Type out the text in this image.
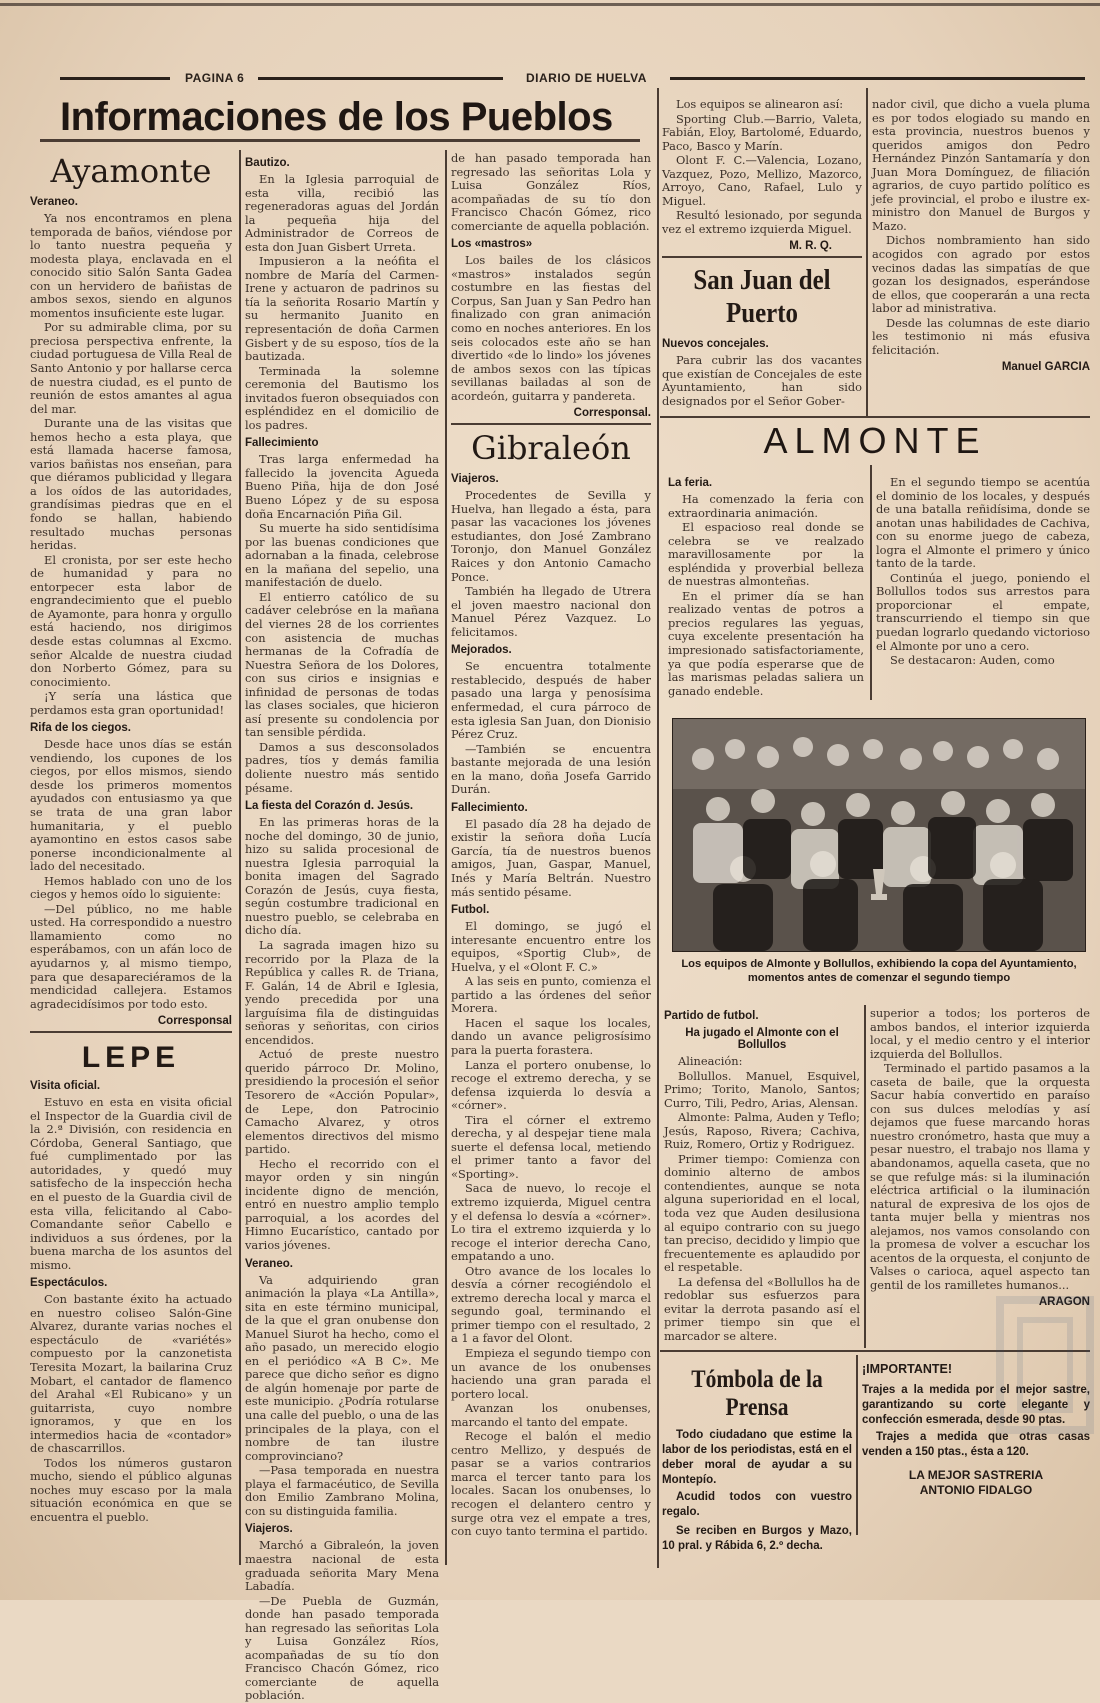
PAGINA 6	DIARIO DE HUELVA
Informaciones de los Pueblos
Ayamonte
Veraneo.

Ya nos encontramos en plena temporada de baños, viéndose por lo tanto nuestra pequeña y modesta playa, enclavada en el conocido sitio Salón Santa Gadea con un hervidero de bañistas de ambos sexos, siendo en algunos momentos insuficiente este lugar.

Por su admirable clima, por su preciosa perspectiva enfrente, la ciudad portuguesa de Villa Real de Santo Antonio y por hallarse cerca de nuestra ciudad, es el punto de reunión de estos amantes al agua del mar.

Durante una de las visitas que hemos hecho a esta playa, que está llamada hacerse famosa, varios bañistas nos enseñan, para que diéramos publicidad y llegara a los oídos de las autoridades, grandísimas piedras que en el fondo se hallan, habiendo resultado muchas personas heridas.

El cronista, por ser este hecho de humanidad y para no entorpecer esta labor de engrandecimiento que el pueblo de Ayamonte, para honra y orgullo está haciendo, nos dirigimos desde estas columnas al Excmo. señor Alcalde de nuestra ciudad don Norberto Gómez, para su conocimiento.

¡Y sería una lástica que perdamos esta gran oportunidad!

Rifa de los ciegos.

Desde hace unos días se están vendiendo, los cupones de los ciegos, por ellos mismos, siendo desde los primeros momentos ayudados con entusiasmo ya que se trata de una gran labor humanitaria, y el pueblo ayamontino en estos casos sabe ponerse incondicionalmente al lado del necesitado.

Hemos hablado con uno de los ciegos y hemos oído lo siguiente:

—Del público, no me hable usted. Ha correspondido a nuestro llamamiento como no esperábamos, con un afán loco de ayudarnos y, al mismo tiempo, para que desapareciéramos de la mendicidad callejera. Estamos agradecidísimos por todo esto.

Corresponsal
LEPE
Visita oficial.

Estuvo en esta en visita oficial el Inspector de la Guardia civil de la 2.ª División, con residencia en Córdoba, General Santiago, que fué cumplimentado por las autoridades, y quedó muy satisfecho de la inspección hecha en el puesto de la Guardia civil de esta villa, felicitando al Cabo-Comandante señor Cabello e individuos a sus órdenes, por la buena marcha de los asuntos del mismo.

Espectáculos.

Con bastante éxito ha actuado en nuestro coliseo Salón-Gine Alvarez, durante varias noches el espectáculo de «variétés» compuesto por la canzonetista Teresita Mozart, la bailarina Cruz Mobart, el cantador de flamenco del Arahal «El Rubicano» y un guitarrista, cuyo nombre ignoramos, y que en los intermedios hacia de «contador» de chascarrillos.

Todos los números gustaron mucho, siendo el público algunas noches muy escaso por la mala situación económica en que se encuentra el pueblo.

Bautizo.

En la Iglesia parroquial de esta villa, recibió las regeneradoras aguas del Jordán la pequeña hija del Administrador de Correos de esta don Juan Gisbert Urreta.

Impusieron a la neófita el nombre de María del Carmen-Irene y actuaron de padrinos su tía la señorita Rosario Martín y su hermanito Juanito en representación de doña Carmen Gisbert y de su esposo, tíos de la bautizada.

Terminada la solemne ceremonia del Bautismo los invitados fueron obsequiados con espléndidez en el domicilio de los padres.

Fallecimiento

Tras larga enfermedad ha fallecido la jovencita Agueda Bueno Piña, hija de don José Bueno López y de su esposa doña Encarnación Piña Gil.

Su muerte ha sido sentidísima por las buenas condiciones que adornaban a la finada, celebrose en la mañana del sepelio, una manifestación de duelo.

El entierro católico de su cadáver celebróse en la mañana del viernes 28 de los corrientes con asistencia de muchas hermanas de la Cofradía de Nuestra Señora de los Dolores, con sus cirios e insignias e infinidad de personas de todas las clases sociales, que hicieron así presente su condolencia por tan sensible pérdida.

Damos a sus desconsolados padres, tíos y demás familia doliente nuestro más sentido pésame.

La fiesta del Corazón d. Jesús.

En las primeras horas de la noche del domingo, 30 de junio, hizo su salida procesional de nuestra Iglesia parroquial la bonita imagen del Sagrado Corazón de Jesús, cuya fiesta, según costumbre tradicional en nuestro pueblo, se celebraba en dicho día.

La sagrada imagen hizo su recorrido por la Plaza de la República y calles R. de Triana, F. Galán, 14 de Abril e Iglesia, yendo precedida por una larguísima fila de distinguidas señoras y señoritas, con cirios encendidos.

Actuó de preste nuestro querido párroco Dr. Molino, presidiendo la procesión el señor Tesorero de «Acción Popular», de Lepe, don Patrocinio Camacho Alvarez, y otros elementos directivos del mismo partido.

Hecho el recorrido con el mayor orden y sin ningún incidente digno de mención, entró en nuestro amplio templo parroquial, a los acordes del Himno Eucarístico, cantado por varios jóvenes.

Veraneo.

Va adquiriendo gran animación la playa «La Antilla», sita en este término municipal, de la que el gran onubense don Manuel Siurot ha hecho, como el año pasado, un merecido elogio en el periódico «A B C». Me parece que dicho señor es digno de algún homenaje por parte de este municipio. ¿Podría rotularse una calle del pueblo, o una de las principales de la playa, con el nombre de tan ilustre comprovinciano?

—Pasa temporada en nuestra playa el farmacéutico, de Sevilla don Emilio Zambrano Molina, con su distinguida familia.

Viajeros.

Marchó a Gibraleón, la joven maestra nacional de esta graduada señorita Mary Mena Labadía.

—De Puebla de Guzmán, donde han pasado temporada han regresado las señoritas Lola y Luisa González Ríos, acompañadas de su tío don Francisco Chacón Gómez, rico comerciante de aquella población.

de han pasado temporada han regresado las señoritas Lola y Luisa González Ríos, acompañadas de su tío don Francisco Chacón Gómez, rico comerciante de aquella población.

Los «mastros»

Los bailes de los clásicos «mastros» instalados según costumbre en las fiestas del Corpus, San Juan y San Pedro han finalizado con gran animación como en noches anteriores. En los seis colocados este año se han divertido «de lo lindo» los jóvenes de ambos sexos con las típicas sevillanas bailadas al son de acordeón, guitarra y pandereta.

Corresponsal.
Gibraleón
Viajeros.

Procedentes de Sevilla y Huelva, han llegado a ésta, para pasar las vacaciones los jóvenes estudiantes, don José Zambrano Toronjo, don Manuel González Raices y don Antonio Camacho Ponce.

También ha llegado de Utrera el joven maestro nacional don Manuel Pérez Vazquez. Lo felicitamos.

Mejorados.

Se encuentra totalmente restablecido, después de haber pasado una larga y penosísima enfermedad, el cura párroco de esta iglesia San Juan, don Dionisio Pérez Cruz.

—También se encuentra bastante mejorada de una lesión en la mano, doña Josefa Garrido Durán.

Fallecimiento.

El pasado día 28 ha dejado de existir la señora doña Lucía García, tía de nuestros buenos amigos, Juan, Gaspar, Manuel, Inés y María Beltrán. Nuestro más sentido pésame.

Futbol.

El domingo, se jugó el interesante encuentro entre los equipos, «Sportig Club», de Huelva, y el «Olont F. C.»

A las seis en punto, comienza el partido a las órdenes del señor Morera.

Hacen el saque los locales, dando un avance peligrosísimo para la puerta forastera.

Lanza el portero onubense, lo recoge el extremo derecha, y se defensa izquierda lo desvía a «córner».

Tira el córner el extremo derecha, y al despejar tiene mala suerte el defensa local, metiendo el primer tanto a favor del «Sporting».

Saca de nuevo, lo recoje el extremo izquierda, Miguel centra y el defensa lo desvía a «córner». Lo tira el extremo izquierda y lo recoge el interior derecha Cano, empatando a uno.

Otro avance de los locales lo desvía a córner recogiéndolo el extremo derecha local y marca el segundo goal, terminando el primer tiempo con el resultado, 2 a 1 a favor del Olont.

Empieza el segundo tiempo con un avance de los onubenses haciendo una gran parada el portero local.

Avanzan los onubenses, marcando el tanto del empate.

Recoge el balón el medio centro Mellizo, y después de pasar se a varios contrarios marca el tercer tanto para los locales. Sacan los onubenses, lo recogen el delantero centro y surge otra vez el empate a tres, con cuyo tanto termina el partido.

Los equipos se alinearon así:

Sporting Club.—Barrio, Valeta, Fabián, Eloy, Bartolomé, Eduardo, Paco, Basco y Marín.

Olont F. C.—Valencia, Lozano, Vazquez, Pozo, Mellizo, Mazorco, Arroyo, Cano, Rafael, Lulo y Miguel.

Resultó lesionado, por segunda vez el extremo izquierda Miguel.

M. R. Q.
San Juan del Puerto
Nuevos concejales.

Para cubrir las dos vacantes que existían de Concejales de este Ayuntamiento, han sido designados por el Señor Gober-

nador civil, que dicho a vuela pluma es por todos elogiado su mando en esta provincia, nuestros buenos y queridos amigos don Pedro Hernández Pinzón Santamaría y don Juan Mora Domínguez, de filiación agrarios, de cuyo partido político es jefe provincial, el probo e ilustre ex-ministro don Manuel de Burgos y Mazo.

Dichos nombramiento han sido acogidos con agrado por estos vecinos dadas las simpatías de que gozan los designados, esperándose de ellos, que cooperarán a una recta labor ad ministrativa.

Desde las columnas de este diario les testimonio ni más efusiva felicitación.

Manuel GARCIA
ALMONTE
La feria.

Ha comenzado la feria con extraordinaria animación.

El espacioso real donde se celebra se ve realzado maravillosamente por la espléndida y proverbial belleza de nuestras almonteñas.

En el primer día se han realizado ventas de potros a precios regulares las yeguas, cuya excelente presentación ha impresionado satisfactoriamente, ya que podía esperarse que de las marismas peladas saliera un ganado endeble.

En el segundo tiempo se acentúa el dominio de los locales, y después de una batalla reñidísima, donde se anotan unas habilidades de Cachiva, con su enorme juego de cabeza, logra el Almonte el primero y único tanto de la tarde.

Continúa el juego, poniendo el Bollullos todos sus arrestos para proporcionar el empate, transcurriendo el tiempo sin que puedan lograrlo quedando victorioso el Almonte por uno a cero.

Se destacaron: Auden, como

Los equipos de Almonte y Bollullos, exhibiendo la copa del Ayuntamiento, momentos antes de comenzar el segundo tiempo
Partido de futbol.
Ha jugado el Almonte con el Bollullos

Alineación:

Bollullos. Manuel, Esquivel, Primo; Torito, Manolo, Santos; Curro, Tili, Pedro, Arias, Alensan.

Almonte: Palma, Auden y Teflo; Jesús, Raposo, Rivera; Cachiva, Ruiz, Romero, Ortiz y Rodriguez.

Primer tiempo: Comienza con dominio alterno de ambos contendientes, aunque se nota alguna superioridad en el local, toda vez que Auden desilusiona al equipo contrario con su juego tan preciso, decidido y limpio que frecuentemente es aplaudido por el respetable.

La defensa del «Bollullos ha de redoblar sus esfuerzos para evitar la derrota pasando así el primer tiempo sin que el marcador se altere.

superior a todos; los porteros de ambos bandos, el interior izquierda local, y el medio centro y el interior izquierda del Bollullos.

Terminado el partido pasamos a la caseta de baile, que la orquesta Sacur había convertido en paraíso con sus dulces melodías y así dejamos que fuese marcando horas nuestro cronómetro, hasta que muy a pesar nuestro, el trabajo nos llama y abandonamos, aquella caseta, que no se que refulge más: si la iluminación eléctrica artificial o la iluminación natural de expresiva de los ojos de tanta mujer bella y mientras nos alejamos, nos vamos consolando con la promesa de volver a escuchar los acentos de la orquesta, el conjunto de Valses o carioca, aquel aspecto tan gentil de los ramilletes humanos...

ARAGON
Tómbola de la Prensa
Todo ciudadano que estime la labor de los periodistas, está en el deber moral de ayudar a su Montepío.
Acudid todos con vuestro regalo.
Se reciben en Burgos y Mazo, 10 pral. y Rábida 6, 2.º decha.
¡IMPORTANTE!
Trajes a la medida por el mejor sastre, garantizando su corte elegante y confección esmerada, desde 90 ptas.
Trajes a medida que otras casas venden a 150 ptas., ésta a 120.
LA MEJOR SASTRERIA
ANTONIO FIDALGO
